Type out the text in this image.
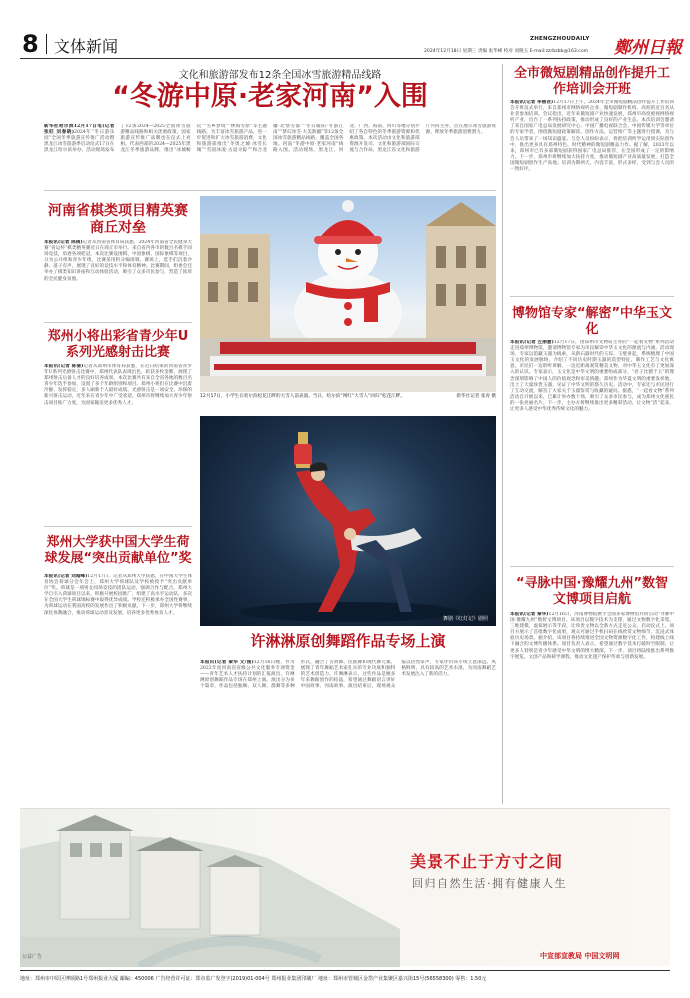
8 文体新闻	ZHENGZHOUDAILY
2024年12月18日 星期三 责编 张华峰 校对 刘晓玉 E-mail:zzrbzbb@163.com 鄭州日報
文化和旅游部发布12条全国冰雪旅游精品线路
“冬游中原·老家河南”入围
新华社哈尔滨12月17日电(记者 张旺 刘春晓)2024年“冬日游乐园”全国冬季旅游宣传推广活动暨黑龙江冰雪旅游季启动仪式17日在黑龙江哈尔滨举办。活动现场发布了12条2024—2025全国冰雪旅游精品线路和相关优惠政策，国家旅游宣传推广品牌也在仪式上亮相。代表西部的2024—2025年黑龙江冬季旅游品牌，推出“冰城畅玩”“雪乡梦境”“林海雪原”等主题线路。为丰富冰雪旅游产品，进一步促进和扩大冰雪旅游消费，文化和旅游部推出“冬奥之城·冰雪长城”“雪国冰凌·古道寻踪”“和合北疆·北寒雪都”“冬日暖阳·冬游江南”“梦幻冰雪·大美新疆”等12条全国冰雪旅游精品线路，覆盖全国各地。河南“冬游中原·老家河南”线路入围。活动现场，黑龙江、河北、广西、海南、四川等地分别介绍了各自特色的冬季旅游资源和优惠政策。本次活动由文化和旅游部资源开发司、文化和旅游部国际交流与合作局、黑龙江省文化和旅游厅共同主办，旨在展示冰雪旅游资源、释放冬季旅游消费潜力。
河南省棋类项目精英赛商丘对垒
本报讯(记者 陈倩)记者从河南省体育局获悉，2024年河南省全民健身大赛“省运杯”棋类精英赛近日在商丘市举行。来自省内各市的数百名棋手同场竞技，角逐各项桂冠。本次比赛设围棋、中国象棋、国际象棋等项目，分为公开组和青少年组，比赛采用积分编排制。赛场上，选手们沉着冷静、落子有声，展现了良好的竞技水平和体育精神。比赛期间，组委会还举办了棋类知识讲座和互动体验活动，吸引了众多市民参与，营造了浓厚的全民健身氛围。
郑州小将出彩省青少年U系列光感射击比赛
本报讯(记者 陈倩)记者从郑州市体育局获悉，在近日结束的河南省青少年U系列光感射击比赛中，郑州代表队表现出色，斩获多枚金牌，展现了郑州射击后备人才的良好培养成果。本次比赛共有来自全省各地的数百名青少年选手参加，设置了多个年龄组别和项目。郑州小将们在比赛中沉着冷静、发挥稳定，多人刷新个人最好成绩。光感射击是一项安全、环保的新兴射击运动，近年来在青少年中广受欢迎。郑州市将继续加大青少年射击项目推广力度，为国家输送更多优秀人才。
郑州大学获中国大学生荷球发展“突出贡献单位”奖
本报讯(记者 刘超峰)12月17日，记者从郑州大学获悉，在中国大学生体育协会荷球分会年会上，郑州大学荷球队及学校被授予“突出贡献单位”奖。荷球是一项男女同场竞技的团队运动，强调合作与配合。郑州大学自引入荷球项目以来，积极开展校园推广，组建了高水平运动队，多次在全国大学生荷球锦标赛中取得优异成绩。学校还积极承办全国性赛事，为荷球运动在我国高校的发展作出了积极贡献。下一步，郑州大学将继续深化体教融合，推动荷球运动普及发展，培养更多优秀体育人才。
12月17日，小学生在哈尔滨松花江畔的大雪人前表演。当日，哈尔滨“网红”大雪人“回归”松花江畔。	新华社记者 张涛 摄
舞剧《红灯记》剧照
许淋淋原创舞蹈作品专场上演
本报讯(记者 秦华 文/图)12月16日晚，作为2023年度河南省省级公共文化服务专项资金——青年艺术人才扶持计划的汇报演出，许淋淋原创舞蹈作品专场在郑州上演。演出分为多个篇章，作品包括独舞、双人舞、群舞等多种形式，融合了古典舞、民族舞和现代舞元素，展现了青年舞蹈艺术家扎实的专业功底和独特的艺术创造力。许淋淋表示，这些作品是她多年来舞蹈创作的结晶，希望通过舞蹈语言讲好中国故事、河南故事。演出结束后，现场观众报以热烈掌声，专家评价该专场立意深远、风格鲜明，具有较高的艺术水准，为河南舞蹈艺术发展注入了新的活力。
全市微短剧精品创作提升工作培训会开班
本报讯(记者 李丽君)12月17日上午，2024年全市微短剧精品创作提升工作培训会开班仪式举行，来自郑州市网络视听企业、微短剧制作机构、高校的近百名从业者参加培训。会议指出，近年来微短剧产业快速发展，郑州市高度重视网络视听产业，出台了一系列扶持政策，推动形成了良好的产业生态。本次培训会邀请了来自国家广电总局发展研究中心、中国广播电视联合会、中国传媒大学等单位的专家学者，围绕微短剧政策解读、创作方法、运营推广等主题进行授课，为与会人员带来了一场知识盛宴。与会人员纷纷表示，将把培训所学运用到实际创作中，推出更多具有郑州特色、时代精神的微短剧精品力作。据了解，2023年以来，郑州市已有多部微短剧获得国家广电总局推荐，在全国形成了一定的影响力。下一步，郑州市将继续加大扶持力度，推动微短剧产业高质量发展，打造全国微短剧创作生产高地。培训为期两天，内容丰富，形式多样，受到与会人员的一致好评。
博物馆专家“解密”中华玉文化
本报讯(记者 左丽慧)12月17日，由郑州市文物局主办的“一起看文物”系列活动走进郑州博物馆，邀请博物馆专家为市民解读中华玉文化的源流与内涵。活动现场，专家以馆藏玉器为线索，从新石器时代的玉琮、玉璧讲起，系统梳理了中国玉文化的发展脉络，介绍了不同历史时期玉器的造型特征、制作工艺与文化寓意。市民们一边聆听讲解，一边近距离观赏精美文物，对中华玉文化有了更加深入的认识。专家表示，玉文化是中华文明的重要组成部分，“君子比德于玉”的理念深刻影响了中国人的价值观念和审美情趣。郑州作为华夏文明的重要发祥地，出土了大量珍贵玉器，见证了中华文明的悠久历史。活动中，专家还与市民进行了互动交流，解答了大家关于玉器鉴赏与收藏的疑问。据悉，“一起看文物”系列活动自开展以来，已累计举办数十场，吸引了众多市民参与，成为郑州文化惠民的一张亮丽名片。下一步，主办方将继续推出更多精彩活动，让文物“活”起来，让更多人感受中华优秀传统文化的魅力。
“寻脉中国·豫耀九州”数智文博项目启航
本报讯(记者 秦华)12月16日，河南博物院携手全国多家博物馆共同启动“寻脉中国·豫耀九州”数智文博项目。该项目以数字技术为支撑，通过文物数字化采集、三维建模、虚拟展示等手段，让珍贵文物以全新方式走近公众。启动仪式上，项目方展示了首批数字化成果，观众可通过手机扫码在线欣赏文物细节，沉浸式体验历史场景。据介绍，该项目将持续推进全国文物资源数字化工作，构建线上线下融合的文博传播体系。项目负责人表示，希望通过数字技术打破时空限制，让更多人特别是青少年感受中华文明的博大精深。下一步，项目将陆续推出系列数字展览、文创产品和研学课程，推动文化遗产保护传承与创新发展。
美景不止于方寸之间
回归自然生活·拥有健康人生
中宣部宣教局 中国文明网
公益广告
地址：郑州市中原区博颂路1号郑州报业大厦 邮编：450006 广告经营许可证：郑市监广发登字(2019)01-004号 郑州报业集团印刷厂 地址：郑州市管城区金岱产业集聚区嘉兴街15号(56558300) 零售：1.50元
